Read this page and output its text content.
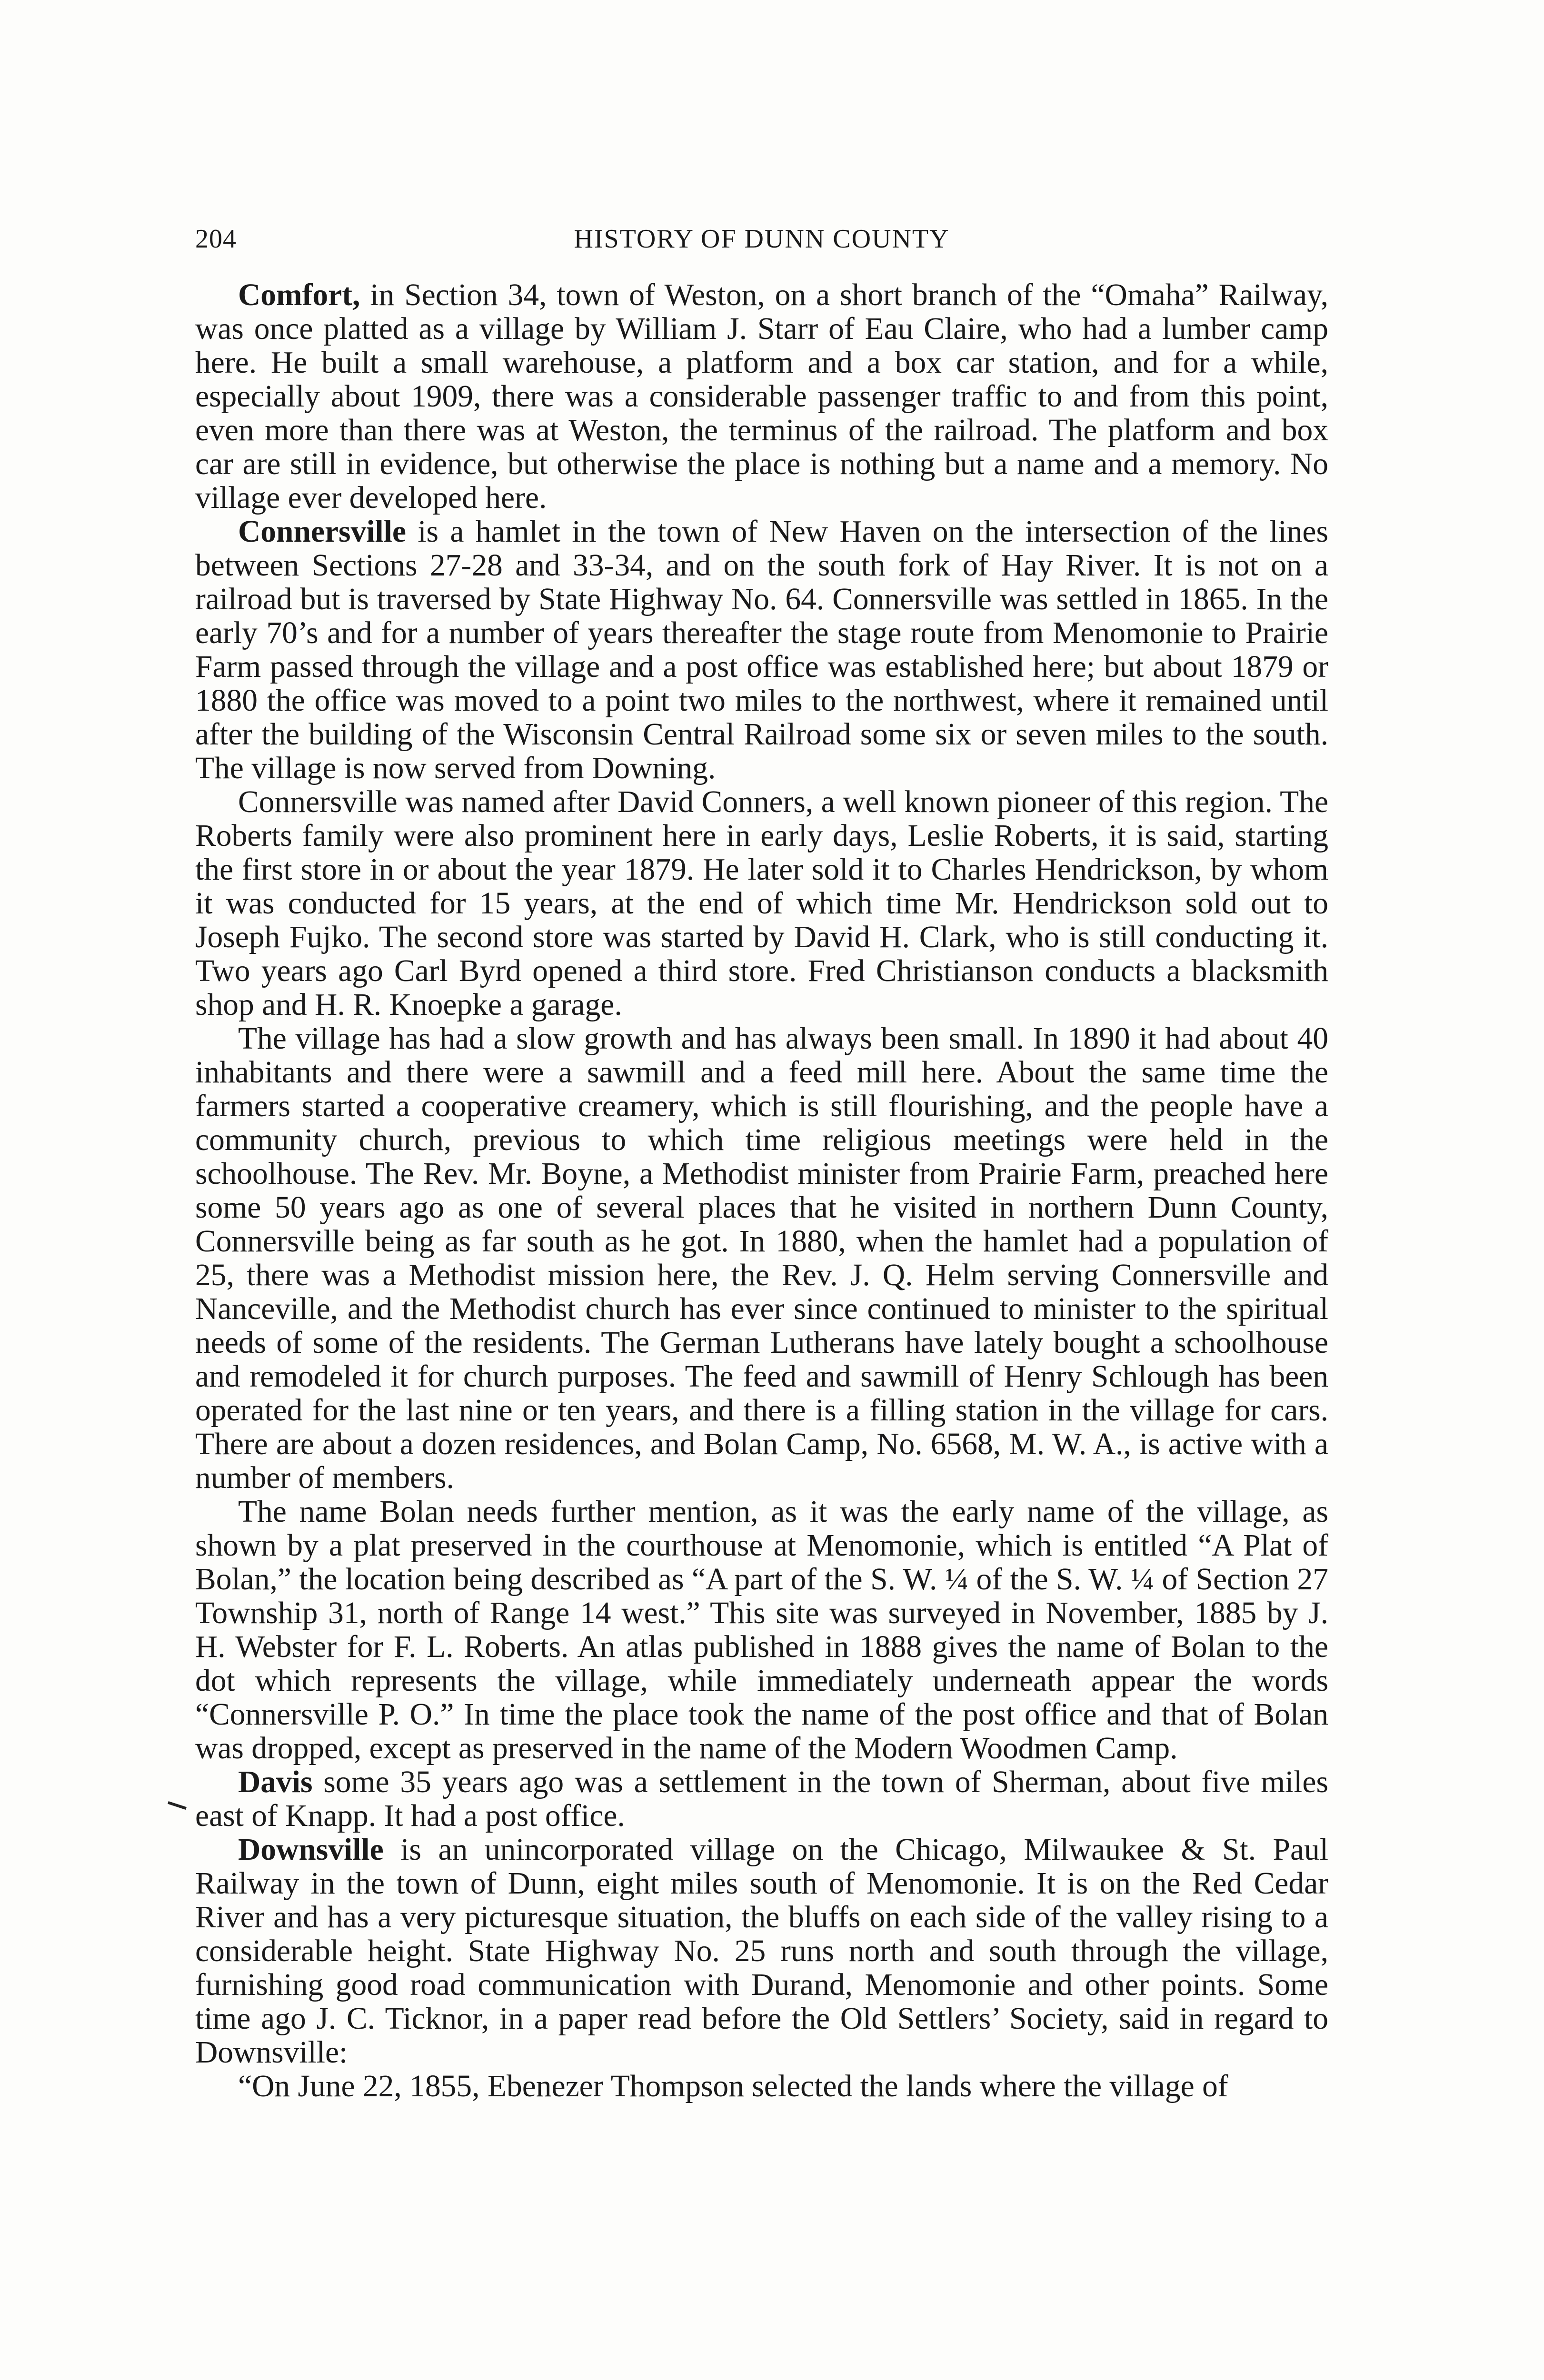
204	HISTORY OF DUNN COUNTY

Comfort, in Section 34, town of Weston, on a short branch of the “Omaha” Railway, was once platted as a village by William J. Starr of Eau Claire, who had a lumber camp here. He built a small warehouse, a platform and a box car station, and for a while, especially about 1909, there was a considerable passenger traffic to and from this point, even more than there was at Weston, the terminus of the railroad. The platform and box car are still in evidence, but otherwise the place is nothing but a name and a memory. No village ever developed here.

Connersville is a hamlet in the town of New Haven on the intersection of the lines between Sections 27-28 and 33-34, and on the south fork of Hay River. It is not on a railroad but is traversed by State Highway No. 64. Connersville was settled in 1865. In the early 70’s and for a number of years thereafter the stage route from Menomonie to Prairie Farm passed through the village and a post office was established here; but about 1879 or 1880 the office was moved to a point two miles to the northwest, where it remained until after the building of the Wisconsin Central Railroad some six or seven miles to the south. The village is now served from Downing.

Connersville was named after David Conners, a well known pioneer of this region. The Roberts family were also prominent here in early days, Leslie Roberts, it is said, starting the first store in or about the year 1879. He later sold it to Charles Hendrickson, by whom it was conducted for 15 years, at the end of which time Mr. Hendrickson sold out to Joseph Fujko. The second store was started by David H. Clark, who is still conducting it. Two years ago Carl Byrd opened a third store. Fred Christianson conducts a blacksmith shop and H. R. Knoepke a garage.

The village has had a slow growth and has always been small. In 1890 it had about 40 inhabitants and there were a sawmill and a feed mill here. About the same time the farmers started a cooperative creamery, which is still flourishing, and the people have a community church, previous to which time religious meetings were held in the schoolhouse. The Rev. Mr. Boyne, a Methodist minister from Prairie Farm, preached here some 50 years ago as one of several places that he visited in northern Dunn County, Connersville being as far south as he got. In 1880, when the hamlet had a population of 25, there was a Methodist mission here, the Rev. J. Q. Helm serving Connersville and Nanceville, and the Methodist church has ever since continued to minister to the spiritual needs of some of the residents. The German Lutherans have lately bought a schoolhouse and remodeled it for church purposes. The feed and sawmill of Henry Schlough has been operated for the last nine or ten years, and there is a filling station in the village for cars. There are about a dozen residences, and Bolan Camp, No. 6568, M. W. A., is active with a number of members.

The name Bolan needs further mention, as it was the early name of the village, as shown by a plat preserved in the courthouse at Menomonie, which is entitled “A Plat of Bolan,” the location being described as “A part of the S. W. ¼ of the S. W. ¼ of Section 27 Township 31, north of Range 14 west.” This site was surveyed in November, 1885 by J. H. Webster for F. L. Roberts. An atlas published in 1888 gives the name of Bolan to the dot which represents the village, while immediately underneath appear the words “Connersville P. O.” In time the place took the name of the post office and that of Bolan was dropped, except as preserved in the name of the Modern Woodmen Camp.

Davis some 35 years ago was a settlement in the town of Sherman, about five miles east of Knapp. It had a post office.

Downsville is an unincorporated village on the Chicago, Milwaukee & St. Paul Railway in the town of Dunn, eight miles south of Menomonie. It is on the Red Cedar River and has a very picturesque situation, the bluffs on each side of the valley rising to a considerable height. State Highway No. 25 runs north and south through the village, furnishing good road communication with Durand, Menomonie and other points. Some time ago J. C. Ticknor, in a paper read before the Old Settlers’ Society, said in regard to Downsville:

“On June 22, 1855, Ebenezer Thompson selected the lands where the village of
